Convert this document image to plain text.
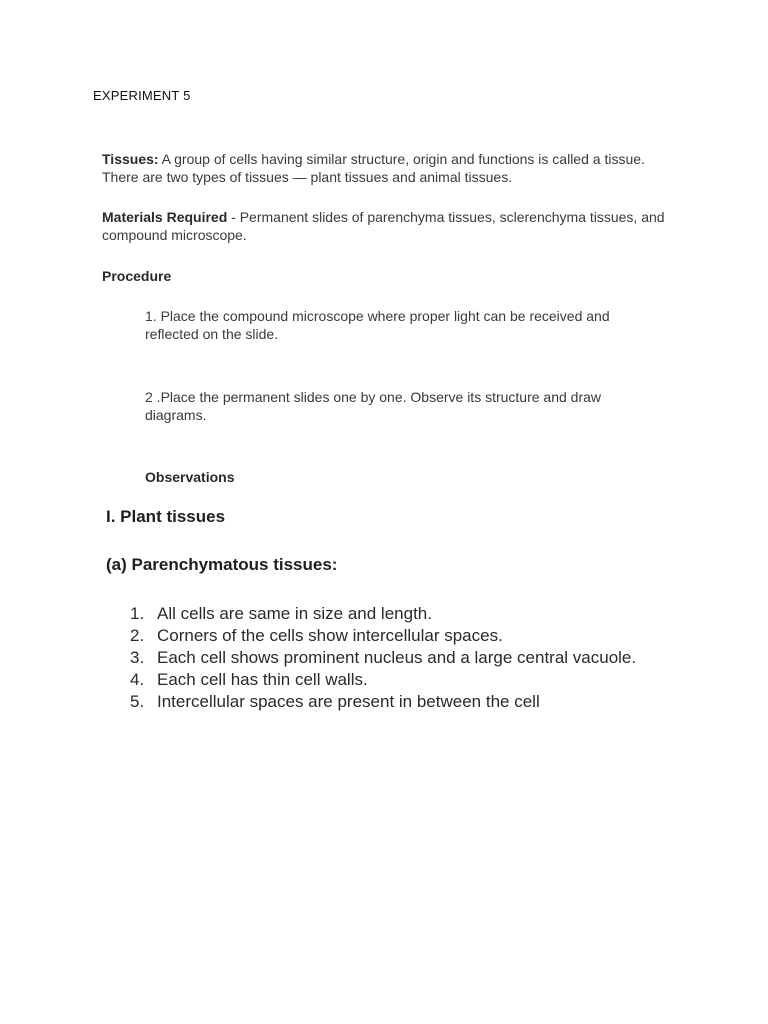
EXPERIMENT 5
Tissues: A group of cells having similar structure, origin and functions is called a tissue. There are two types of tissues — plant tissues and animal tissues.
Materials Required - Permanent slides of parenchyma tissues, sclerenchyma tissues, and compound microscope.
Procedure
1. Place the compound microscope where proper light can be received and reflected on the slide.
2 .Place the permanent slides one by one. Observe its structure and draw diagrams.
Observations
I. Plant tissues
(a) Parenchymatous tissues:
1. All cells are same in size and length.
2. Corners of the cells show intercellular spaces.
3. Each cell shows prominent nucleus and a large central vacuole.
4. Each cell has thin cell walls.
5. Intercellular spaces are present in between the cell
